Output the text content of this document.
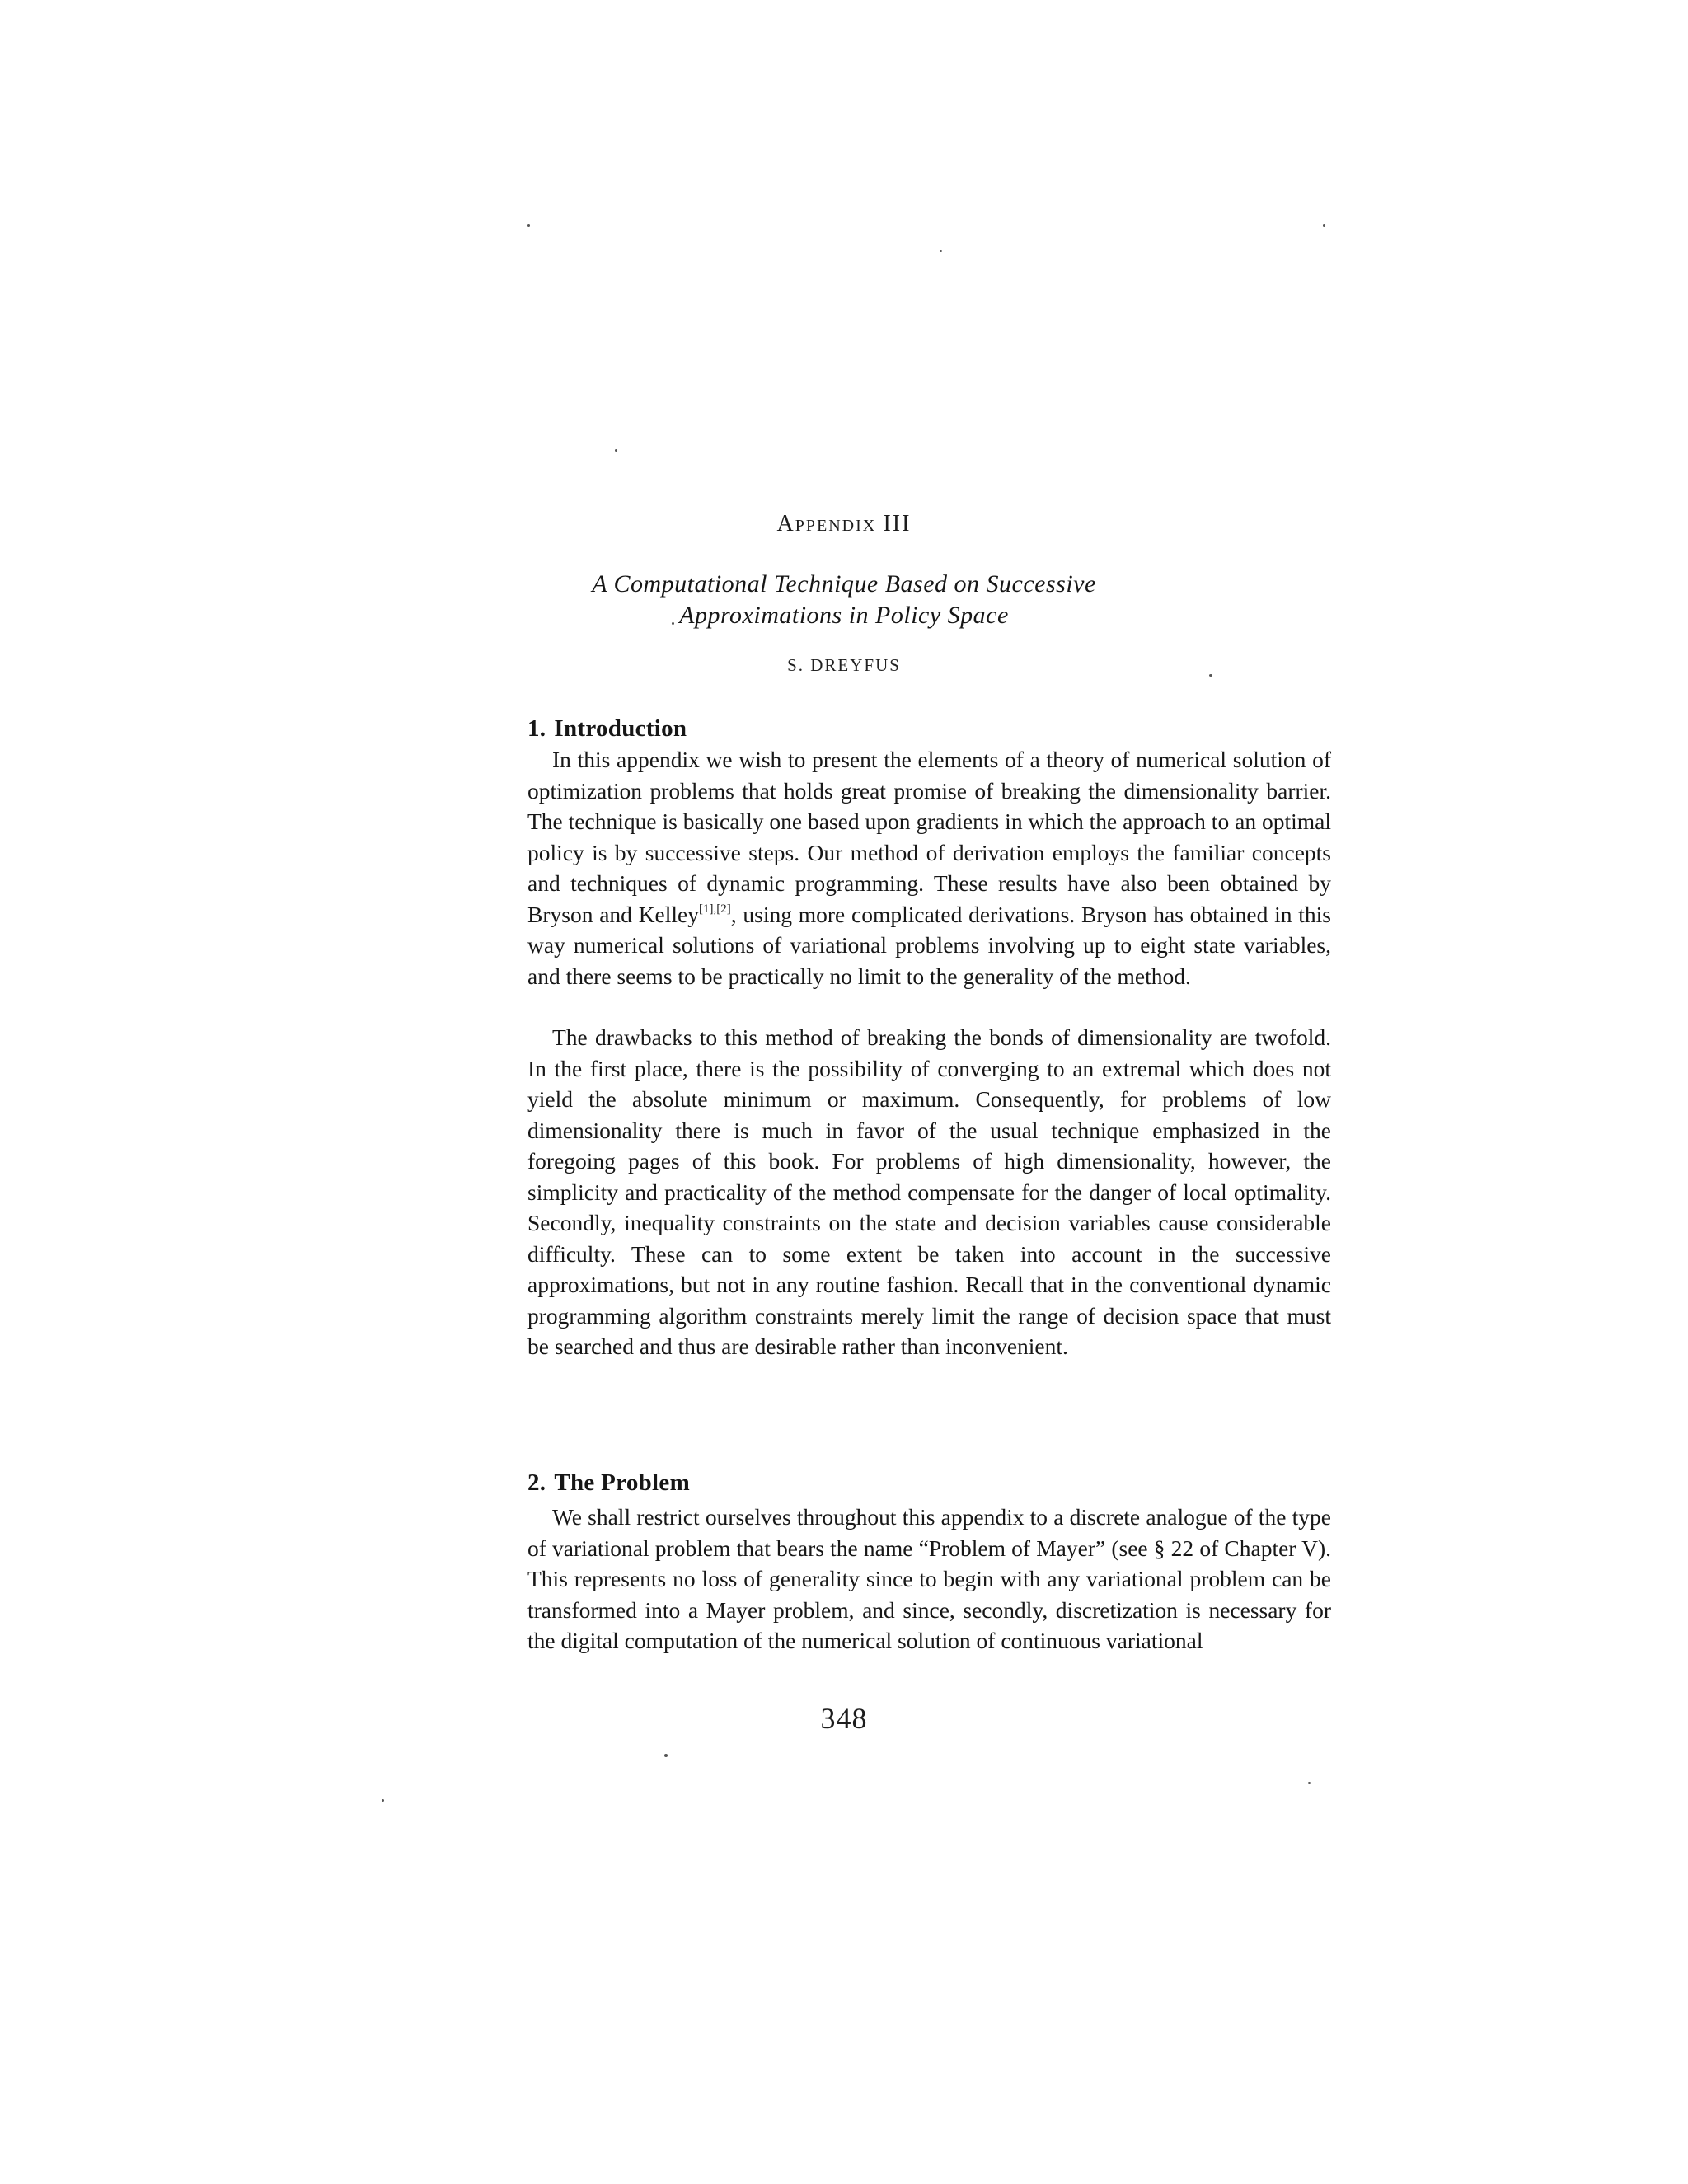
APPENDIX III
A Computational Technique Based on Successive
Approximations in Policy Space
S. DREYFUS
1. Introduction
In this appendix we wish to present the elements of a theory of numerical solution of optimization problems that holds great promise of breaking the dimensionality barrier. The technique is basically one based upon gradients in which the approach to an optimal policy is by successive steps. Our method of derivation employs the familiar concepts and techniques of dynamic programming. These results have also been obtained by Bryson and Kelley[1],[2], using more complicated derivations. Bryson has obtained in this way numerical solutions of variational problems involving up to eight state variables, and there seems to be practically no limit to the generality of the method.
The drawbacks to this method of breaking the bonds of dimensionality are twofold. In the first place, there is the possibility of converging to an extremal which does not yield the absolute minimum or maximum. Consequently, for problems of low dimensionality there is much in favor of the usual technique emphasized in the foregoing pages of this book. For problems of high dimensionality, however, the simplicity and practicality of the method compensate for the danger of local optimality. Secondly, inequality constraints on the state and decision variables cause considerable difficulty. These can to some extent be taken into account in the successive approximations, but not in any routine fashion. Recall that in the conventional dynamic programming algorithm constraints merely limit the range of decision space that must be searched and thus are desirable rather than inconvenient.
2. The Problem
We shall restrict ourselves throughout this appendix to a discrete analogue of the type of variational problem that bears the name “Problem of Mayer” (see § 22 of Chapter V). This represents no loss of generality since to begin with any variational problem can be transformed into a Mayer problem, and since, secondly, discretization is necessary for the digital computation of the numerical solution of continuous variational
348
